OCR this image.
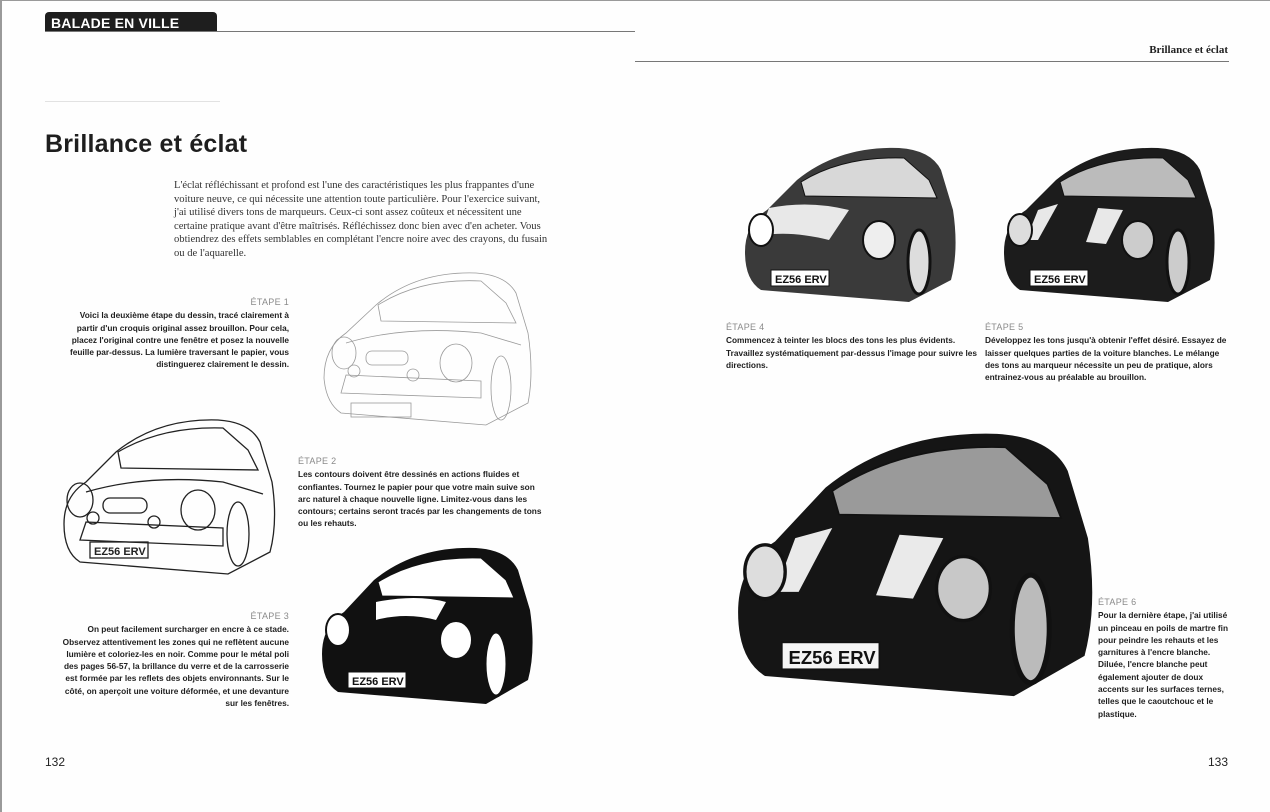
BALADE EN VILLE
Brillance et éclat

L'éclat réfléchissant et profond est l'une des caractéristiques les plus frappantes d'une voiture neuve, ce qui nécessite une attention toute particulière. Pour l'exercice suivant, j'ai utilisé divers tons de marqueurs. Ceux-ci sont assez coûteux et nécessitent une certaine pratique avant d'être maîtrisés. Réfléchissez donc bien avec d'en acheter. Vous obtiendrez des effets semblables en complétant l'encre noire avec des crayons, du fusain ou de l'aquarelle.

ÉTAPE 1
Voici la deuxième étape du dessin, tracé clairement à partir d'un croquis original assez brouillon. Pour cela, placez l'original contre une fenêtre et posez la nouvelle feuille par-dessus. La lumière traversant le papier, vous distinguerez clairement le dessin.
ÉTAPE 2
Les contours doivent être dessinés en actions fluides et confiantes. Tournez le papier pour que votre main suive son arc naturel à chaque nouvelle ligne. Limitez-vous dans les contours; certains seront tracés par les changements de tons ou les rehauts.
ÉTAPE 3
On peut facilement surcharger en encre à ce stade. Observez attentivement les zones qui ne reflètent aucune lumière et coloriez-les en noir. Comme pour le métal poli des pages 56-57, la brillance du verre et de la carrosserie est formée par les reflets des objets environnants. Sur le côté, on aperçoit une voiture déformée, et une devanture sur les fenêtres.
EZ56 ERV
EZ56 ERV
132
Brillance et éclat
EZ56 ERV	EZ56 ERV
ÉTAPE 4
Commencez à teinter les blocs des tons les plus évidents. Travaillez systématiquement par-dessus l'image pour suivre les directions.
ÉTAPE 5
Développez les tons jusqu'à obtenir l'effet désiré. Essayez de laisser quelques parties de la voiture blanches. Le mélange des tons au marqueur nécessite un peu de pratique, alors entrainez-vous au préalable au brouillon.
EZ56 ERV
ÉTAPE 6
Pour la dernière étape, j'ai utilisé un pinceau en poils de martre fin pour peindre les rehauts et les garnitures à l'encre blanche. Diluée, l'encre blanche peut également ajouter de doux accents sur les surfaces ternes, telles que le caoutchouc et le plastique.
133
